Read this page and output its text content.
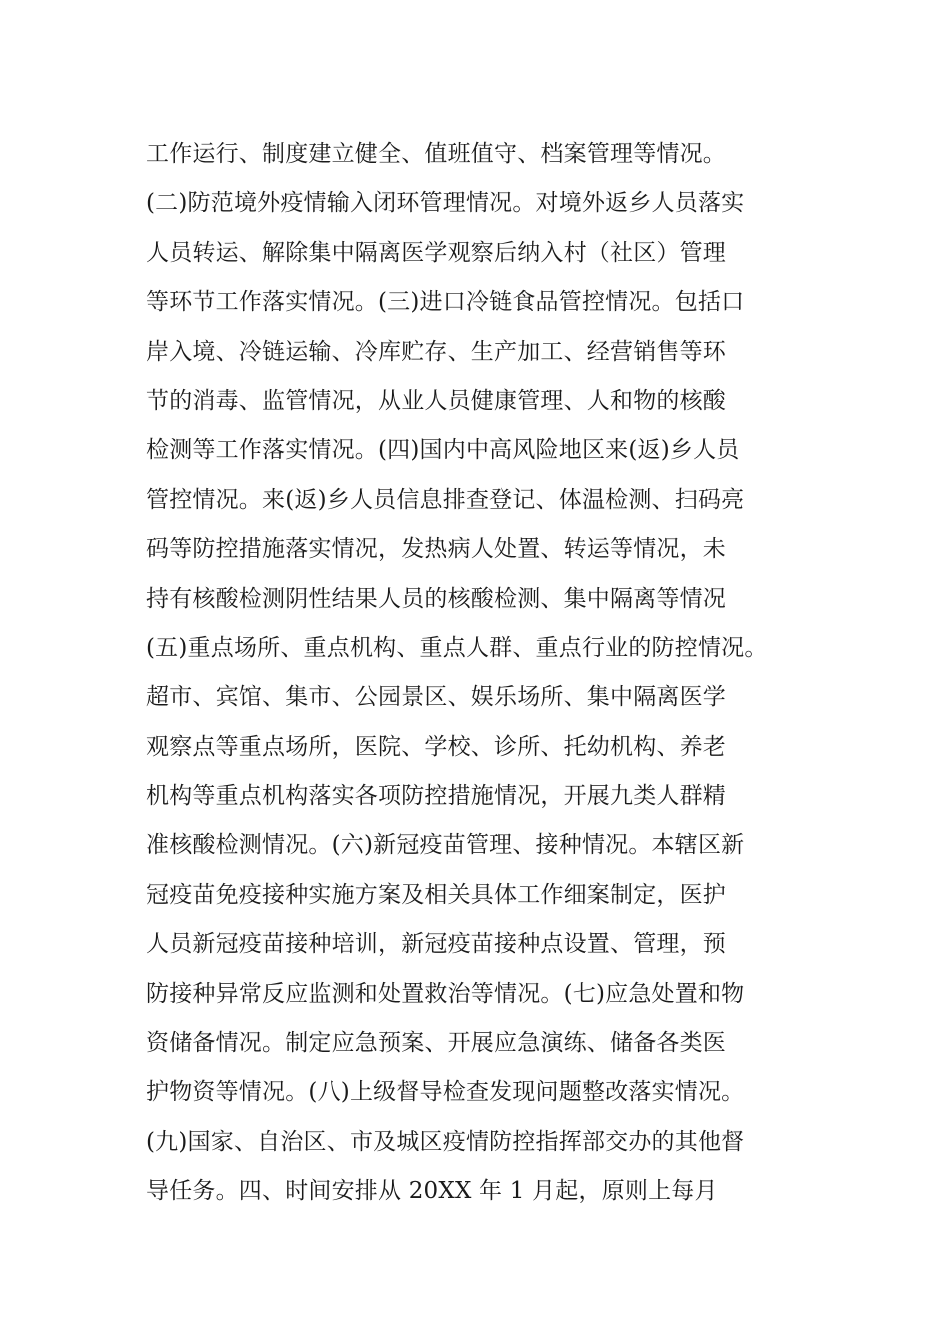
工作运行、制度建立健全、值班值守、档案管理等情况。
(二)防范境外疫情输入闭环管理情况。对境外返乡人员落实
人员转运、解除集中隔离医学观察后纳入村（社区）管理
等环节工作落实情况。(三)进口冷链食品管控情况。包括口
岸入境、冷链运输、冷库贮存、生产加工、经营销售等环
节的消毒、监管情况，从业人员健康管理、人和物的核酸
检测等工作落实情况。(四)国内中高风险地区来(返)乡人员
管控情况。来(返)乡人员信息排查登记、体温检测、扫码亮
码等防控措施落实情况，发热病人处置、转运等情况，未
持有核酸检测阴性结果人员的核酸检测、集中隔离等情况
(五)重点场所、重点机构、重点人群、重点行业的防控情况。
超市、宾馆、集市、公园景区、娱乐场所、集中隔离医学
观察点等重点场所，医院、学校、诊所、托幼机构、养老
机构等重点机构落实各项防控措施情况，开展九类人群精
准核酸检测情况。(六)新冠疫苗管理、接种情况。本辖区新
冠疫苗免疫接种实施方案及相关具体工作细案制定，医护
人员新冠疫苗接种培训，新冠疫苗接种点设置、管理，预
防接种异常反应监测和处置救治等情况。(七)应急处置和物
资储备情况。制定应急预案、开展应急演练、储备各类医
护物资等情况。(八)上级督导检查发现问题整改落实情况。
(九)国家、自治区、市及城区疫情防控指挥部交办的其他督
导任务。四、时间安排从 20XX 年 1 月起，原则上每月
